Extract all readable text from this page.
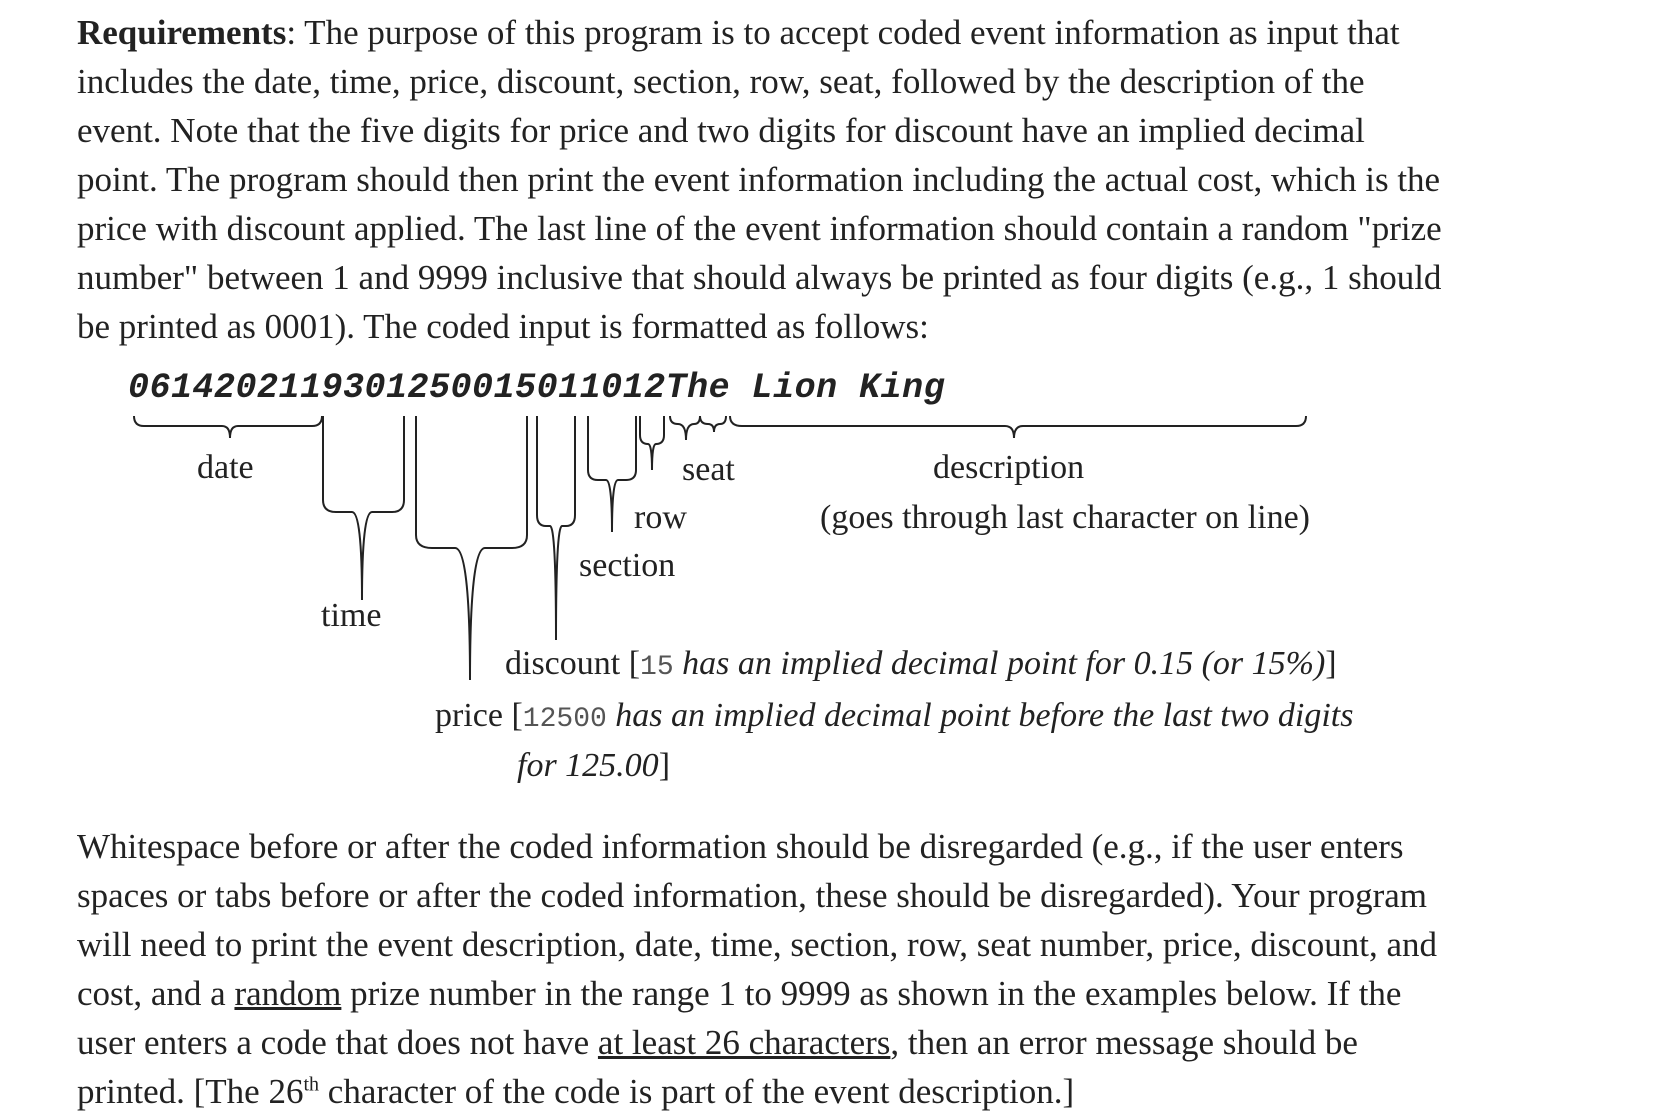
Requirements: The purpose of this program is to accept coded event information as input that
includes the date, time, price, discount, section, row, seat, followed by the description of the
event. Note that the five digits for price and two digits for discount have an implied decimal
point. The program should then print the event information including the actual cost, which is the
price with discount applied. The last line of the event information should contain a random "prize
number" between 1 and 9999 inclusive that should always be printed as four digits (e.g., 1 should
be printed as 0001). The coded input is formatted as follows:
0614202119301250015011012The Lion King
date	seat	description
row	(goes through last character on line)
section
time
discount [15 has an implied decimal point for 0.15 (or 15%)]
price [12500 has an implied decimal point before the last two digits
for 125.00]
Whitespace before or after the coded information should be disregarded (e.g., if the user enters
spaces or tabs before or after the coded information, these should be disregarded). Your program
will need to print the event description, date, time, section, row, seat number, price, discount, and
cost, and a random prize number in the range 1 to 9999 as shown in the examples below. If the
user enters a code that does not have at least 26 characters, then an error message should be
printed. [The 26th character of the code is part of the event description.]
